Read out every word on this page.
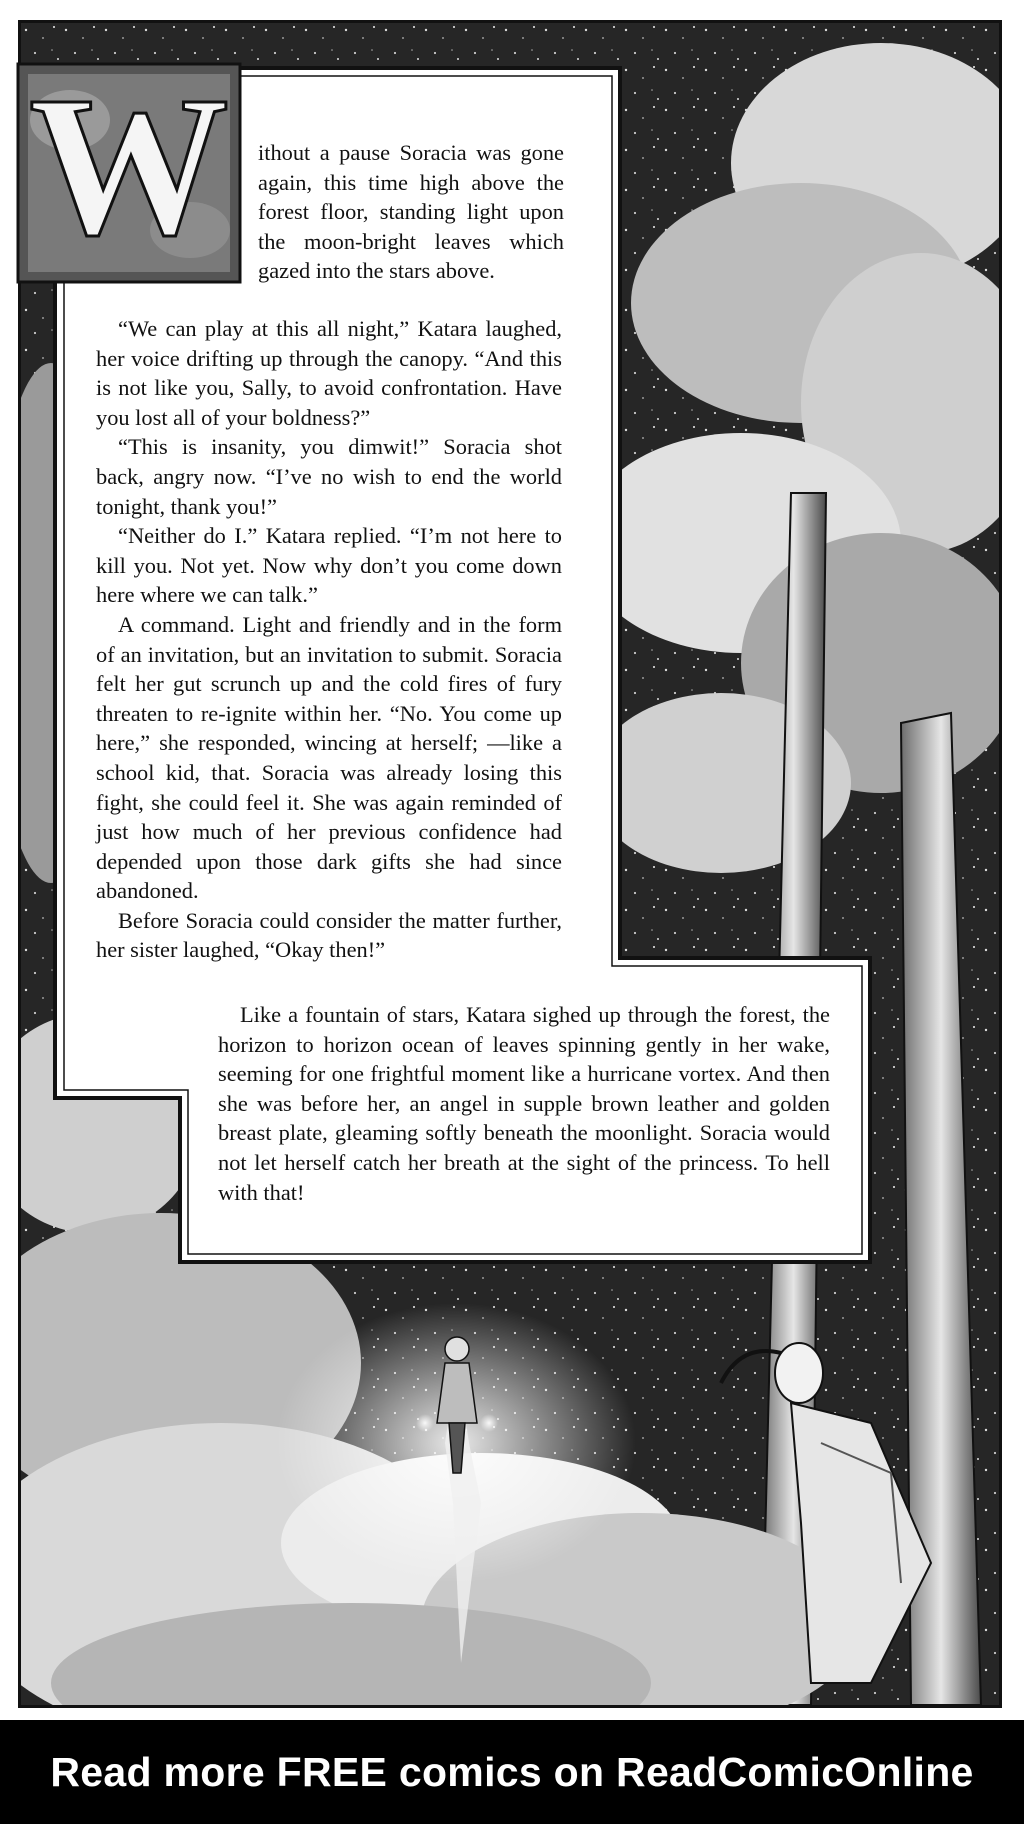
W ithout a pause Soracia was gone again, this time high above the forest floor, standing light upon the moon-bright leaves which gazed into the stars above.

“We can play at this all night,” Katara laughed, her voice drifting up through the canopy. “And this is not like you, Sally, to avoid confrontation. Have you lost all of your boldness?”

“This is insanity, you dimwit!” Soracia shot back, angry now. “I’ve no wish to end the world tonight, thank you!”

“Neither do I.” Katara replied. “I’m not here to kill you. Not yet. Now why don’t you come down here where we can talk.”

A command. Light and friendly and in the form of an invitation, but an invitation to submit. Soracia felt her gut scrunch up and the cold fires of fury threaten to re-ignite within her. “No. You come up here,” she responded, wincing at herself; —like a school kid, that. Soracia was already losing this fight, she could feel it. She was again reminded of just how much of her previous confidence had depended upon those dark gifts she had since abandoned.

Before Soracia could consider the matter further, her sister laughed, “Okay then!”

Like a fountain of stars, Katara sighed up through the forest, the horizon to horizon ocean of leaves spinning gently in her wake, seeming for one frightful moment like a hurricane vortex. And then she was before her, an angel in supple brown leather and golden breast plate, gleaming softly beneath the moonlight. Soracia would not let herself catch her breath at the sight of the princess. To hell with that!

Read more FREE comics on ReadComicOnline
